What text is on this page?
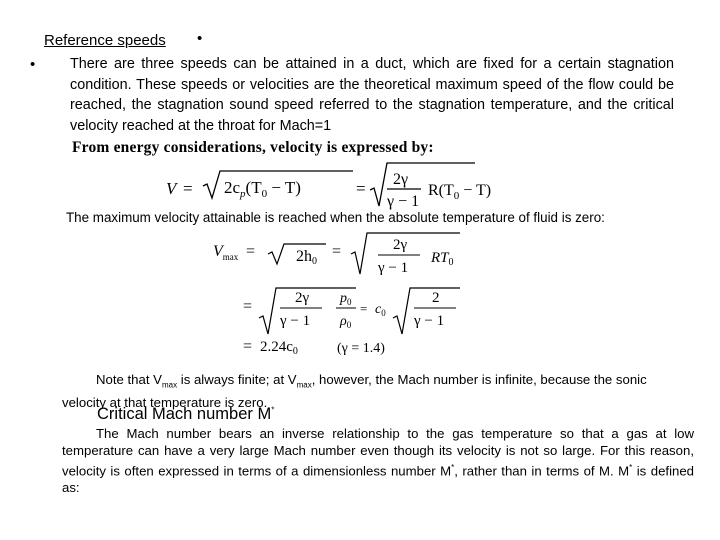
Reference speeds •
• There are three speeds can be attained in a duct, which are fixed for a certain stagnation condition. These speeds or velocities are the theoretical maximum speed of the flow could be reached, the stagnation sound speed referred to the stagnation temperature, and the critical velocity reached at the throat for Mach=1
From energy considerations, velocity is expressed by:
$V = 2c_p(T_0 - T)$	= 2γ
γ − 1
$R(T_0 - T)$
The maximum velocity attainable is reached when the absolute temperature of fluid is zero:
$V_{max}$ =	2h0
=	2γ
γ − 1
$RT_0$
=	2γ
γ − 1
$p_0$
$\rho_0$
= $c_0$
2
γ − 1
= $2.24c_0$	(γ = 1.4)
Note that $V_{max}$ is always finite; at $V_{max}$, however, the Mach number is infinite, because the sonic velocity at that temperature is zero.
Critical Mach number M*
The Mach number bears an inverse relationship to the gas temperature so that a gas at low temperature can have a very large Mach number even though its velocity is not so large. For this reason, velocity is often expressed in terms of a dimensionless number M*, rather than in terms of M. M* is defined as:
